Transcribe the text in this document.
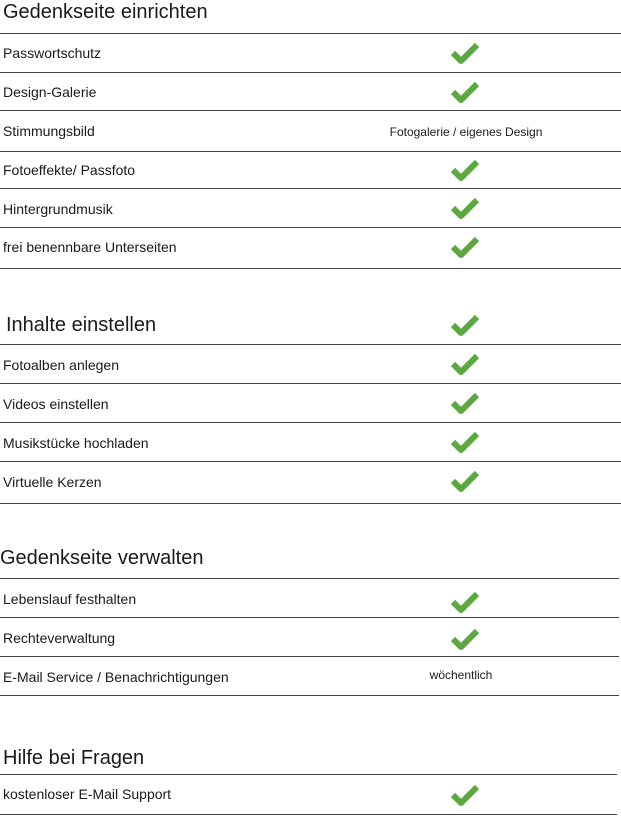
Gedenkseite einrichten
Passwortschutz
Design-Galerie
Stimmungsbild	Fotogalerie / eigenes Design
Fotoeffekte/ Passfoto
Hintergrundmusik
frei benennbare Unterseiten
Inhalte einstellen
Fotoalben anlegen
Videos einstellen
Musikstücke hochladen
Virtuelle Kerzen
Gedenkseite verwalten
Lebenslauf festhalten
Rechteverwaltung
E-Mail Service / Benachrichtigungen	wöchentlich
Hilfe bei Fragen
kostenloser E-Mail Support
